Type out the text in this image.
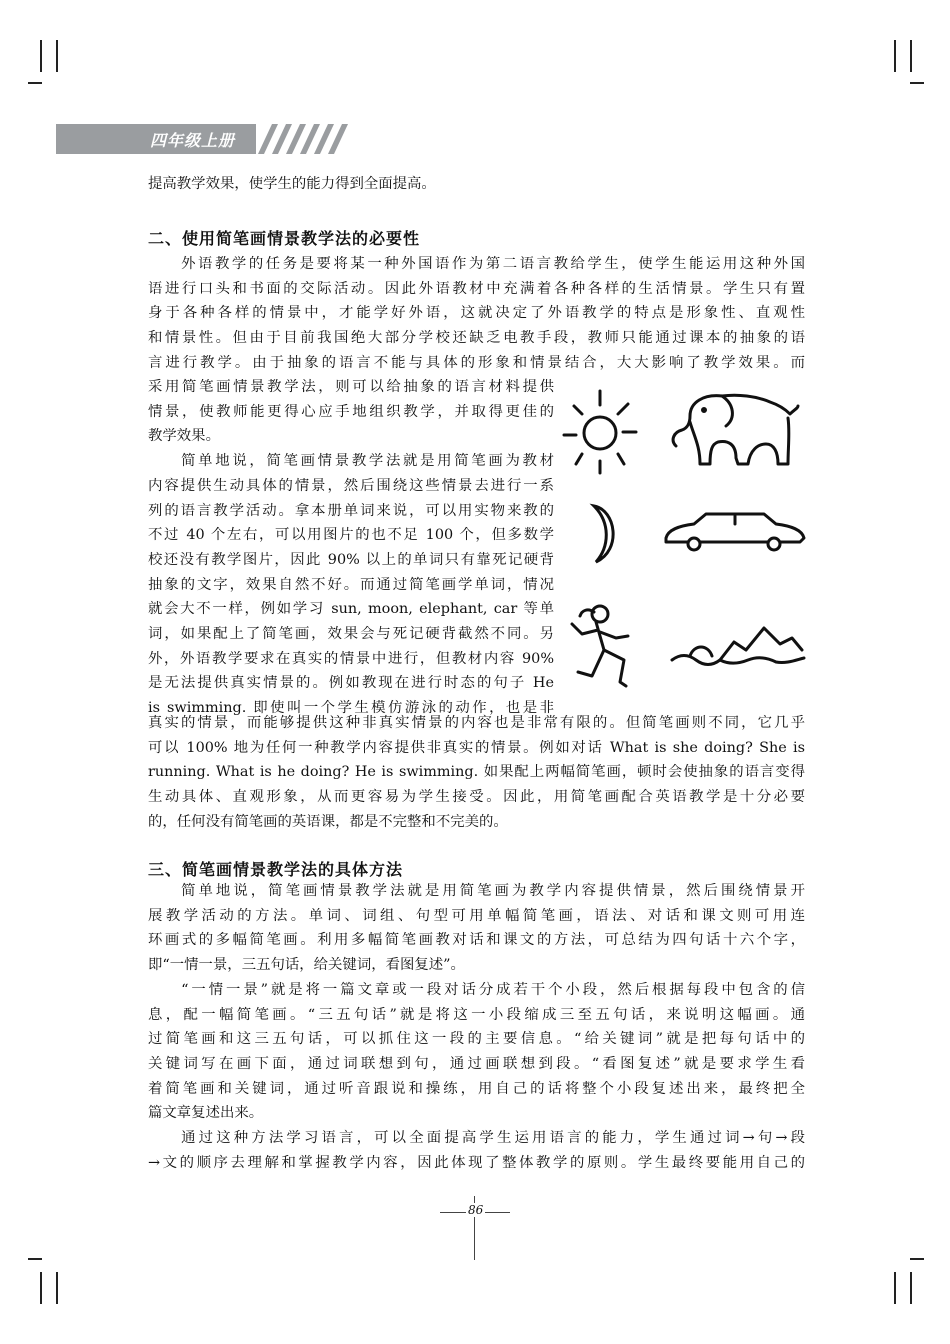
四年级上册

提高教学效果，使学生的能力得到全面提高。

二、使用简笔画情景教学法的必要性

外语教学的任务是要将某一种外国语作为第二语言教给学生，使学生能运用这种外国

语进行口头和书面的交际活动。因此外语教材中充满着各种各样的生活情景。学生只有置

身于各种各样的情景中，才能学好外语，这就决定了外语教学的特点是形象性、直观性

和情景性。但由于目前我国绝大部分学校还缺乏电教手段，教师只能通过课本的抽象的语

言进行教学。由于抽象的语言不能与具体的形象和情景结合，大大影响了教学效果。而

采用简笔画情景教学法，则可以给抽象的语言材料提供

情景，使教师能更得心应手地组织教学，并取得更佳的

教学效果。

简单地说，简笔画情景教学法就是用简笔画为教材

内容提供生动具体的情景，然后围绕这些情景去进行一系

列的语言教学活动。拿本册单词来说，可以用实物来教的

不过 40 个左右，可以用图片的也不足 100 个，但多数学

校还没有教学图片，因此 90% 以上的单词只有靠死记硬背

抽象的文字，效果自然不好。而通过简笔画学单词，情况

就会大不一样，例如学习 sun, moon, elephant, car 等单

词，如果配上了简笔画，效果会与死记硬背截然不同。另

外，外语教学要求在真实的情景中进行，但教材内容 90%

是无法提供真实情景的。例如教现在进行时态的句子 He

is swimming. 即使叫一个学生模仿游泳的动作，也是非

真实的情景，而能够提供这种非真实情景的内容也是非常有限的。但简笔画则不同，它几乎

可以 100% 地为任何一种教学内容提供非真实的情景。例如对话 What is she doing? She is

running. What is he doing? He is swimming. 如果配上两幅简笔画，顿时会使抽象的语言变得

生动具体、直观形象，从而更容易为学生接受。因此，用简笔画配合英语教学是十分必要

的，任何没有简笔画的英语课，都是不完整和不完美的。

三、简笔画情景教学法的具体方法

简单地说，简笔画情景教学法就是用简笔画为教学内容提供情景，然后围绕情景开

展教学活动的方法。单词、词组、句型可用单幅简笔画，语法、对话和课文则可用连

环画式的多幅简笔画。利用多幅简笔画教对话和课文的方法，可总结为四句话十六个字，

即“一情一景，三五句话，给关键词，看图复述”。

“一情一景”就是将一篇文章或一段对话分成若干个小段，然后根据每段中包含的信

息，配一幅简笔画。“三五句话”就是将这一小段缩成三至五句话，来说明这幅画。通

过简笔画和这三五句话，可以抓住这一段的主要信息。“给关键词”就是把每句话中的

关键词写在画下面，通过词联想到句，通过画联想到段。“看图复述”就是要求学生看

着简笔画和关键词，通过听音跟说和操练，用自己的话将整个小段复述出来，最终把全

篇文章复述出来。

通过这种方法学习语言，可以全面提高学生运用语言的能力，学生通过词→句→段

→文的顺序去理解和掌握教学内容，因此体现了整体教学的原则。学生最终要能用自己的

86
